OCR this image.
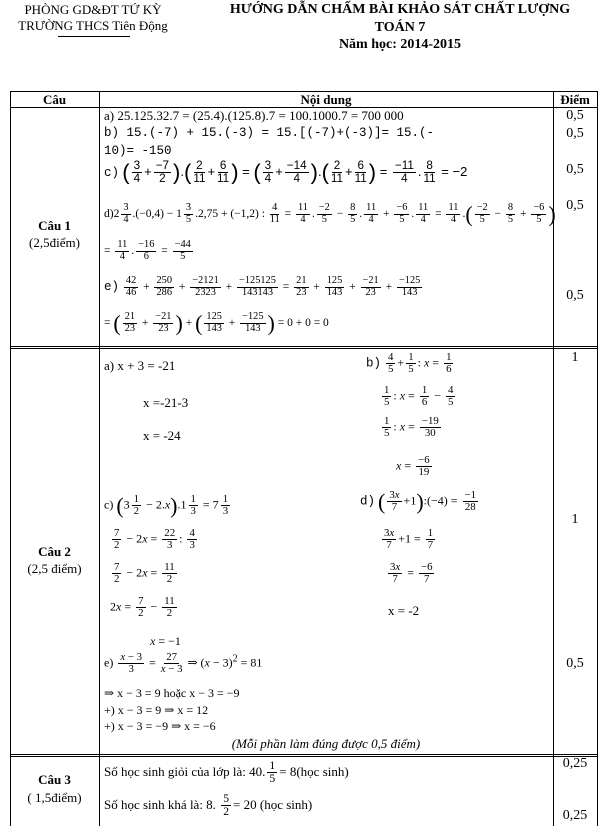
PHÒNG GD&ĐT TỨ KỲ
TRƯỜNG THCS Tiên Động
HƯỚNG DẪN CHẤM BÀI KHẢO SÁT CHẤT LƯỢNG
TOÁN 7
Năm học: 2014-2015
Câu	Nội dung	Điểm
Câu 1
(2,5điểm)
a) 25.125.32.7 = (25.4).(125.8).7 = 100.1000.7 = 700 000
b) 15.(-7) + 15.(-3) = 15.[(-7)+(-3)]= 15.(-
10)= -150
c) ( $\frac{3}{4} + \frac{-7}{2}$ ).( $\frac{2}{11} + \frac{6}{11}$ ) = ( $\frac{3}{4} + \frac{-14}{4}$ ).( $\frac{2}{11} + \frac{6}{11}$ ) = $\frac{-11}{4}$ . $\frac{8}{11} = -2$
$d)2 \frac{3}{4} .(-0,4) - 1 \frac{3}{5} .2,75 + (-1,2)$ : $\frac{4}{11} = \frac{11}{4}$ . $\frac{-2}{5} - \frac{8}{5}$ . $\frac{11}{4} + \frac{-6}{5}$ . $\frac{11}{4} = \frac{11}{4}$ .( $\frac{-2}{5} - \frac{8}{5} + \frac{-6}{5}$ )
= $\frac{11}{4}$ . $\frac{-16}{6} = \frac{-44}{5}$
$e) \frac{42}{46} + \frac{250}{286} + \frac{-2121}{2323} + \frac{-125125}{143143} = \frac{21}{23} + \frac{125}{143} + \frac{-21}{23} + \frac{-125}{143}$
= ( $\frac{21}{23} + \frac{-21}{23}$ ) + ( $\frac{125}{143} + \frac{-125}{143}$ ) = 0 + 0 = 0
0,5
0,5
0,5
0,5
0,5
Câu 2
(2,5 điểm)
a) x + 3 = -21
x =-21-3
x = -24
$b) \frac{4}{5} + \frac{1}{5}$ : $x = \frac{1}{6}$
$\frac{1}{5}$ : $x = \frac{1}{6} - \frac{4}{5}$
$\frac{1}{5}$ : $x = \frac{-19}{30}$
$x = \frac{-6}{19}$
c) $(3 \frac{1}{2} - 2.x).1 \frac{1}{3} = 7 \frac{1}{3}$
$\frac{7}{2} - 2x = \frac{22}{3}$ : $\frac{4}{3}$
$\frac{7}{2} - 2x = \frac{11}{2}$
$2x = \frac{7}{2} - \frac{11}{2}$
x = −1
d) ( $\frac{3x}{7}$ +1):(−4) = $\frac{-1}{28}$
$\frac{3x}{7} +1 = \frac{1}{7}$
$\frac{3x}{7} = \frac{-6}{7}$
x = -2
$e) \frac{x - 3}{3} = \frac{27}{x - 3}$ ⇒ $(x - 3)^2 = 81$
⇒ x − 3 = 9 hoặc x − 3 = −9
+) x − 3 = 9 ⇒ x = 12
+) x − 3 = −9 ⇒ x = −6
(Mỗi phần làm đúng được 0,5 điểm)
1
1
0,5
Câu 3
( 1,5điểm)
Số học sinh giỏi của lớp là: 40. $\frac{1}{5}$ = 8(học sinh)
Số học sinh khá là: 8. $\frac{5}{2} = 20$ (học sinh)
0,25
0,25
